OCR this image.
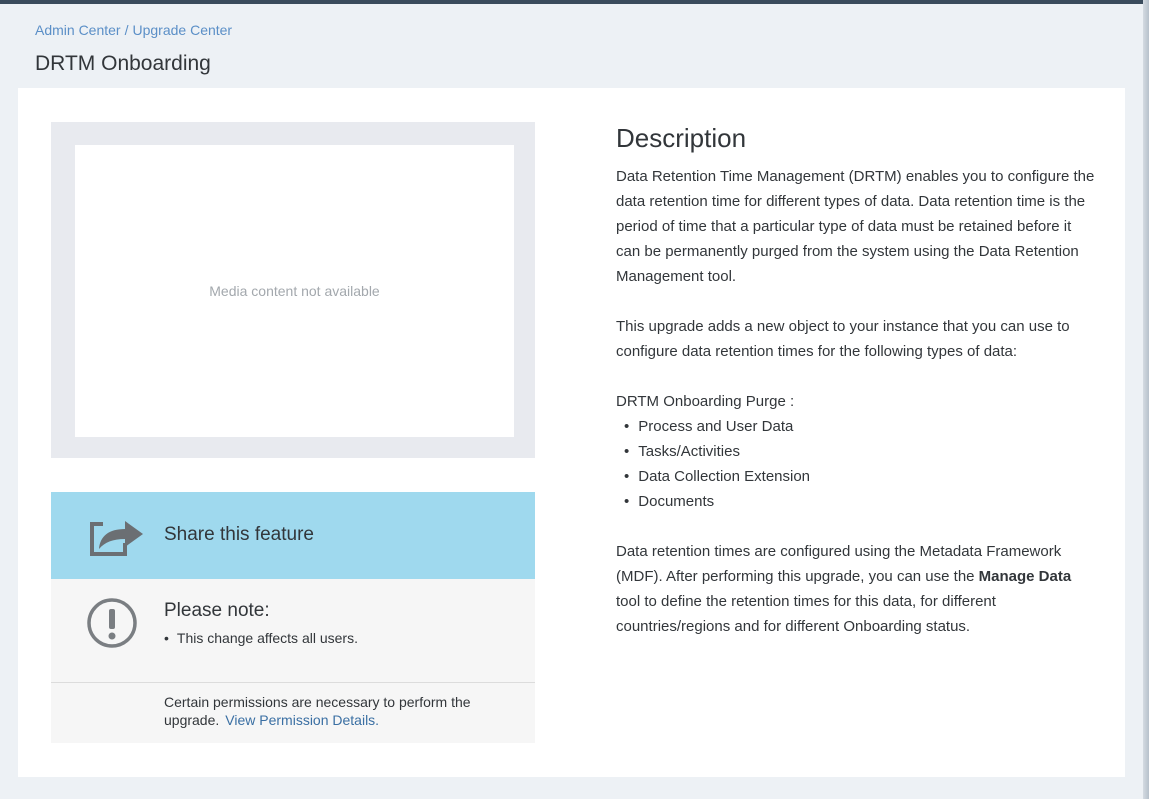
Admin Center / Upgrade Center
DRTM Onboarding
Media content not available
Share this feature
Please note:
• This change affects all users.
Certain permissions are necessary to perform the upgrade. View Permission Details.
Description

Data Retention Time Management (DRTM) enables you to configure the data retention time for different types of data. Data retention time is the period of time that a particular type of data must be retained before it can be permanently purged from the system using the Data Retention Management tool.

This upgrade adds a new object to your instance that you can use to configure data retention times for the following types of data:

DRTM Onboarding Purge :

• Process and User Data
• Tasks/Activities
• Data Collection Extension
• Documents

Data retention times are configured using the Metadata Framework (MDF). After performing this upgrade, you can use the Manage Data tool to define the retention times for this data, for different countries/regions and for different Onboarding status.
